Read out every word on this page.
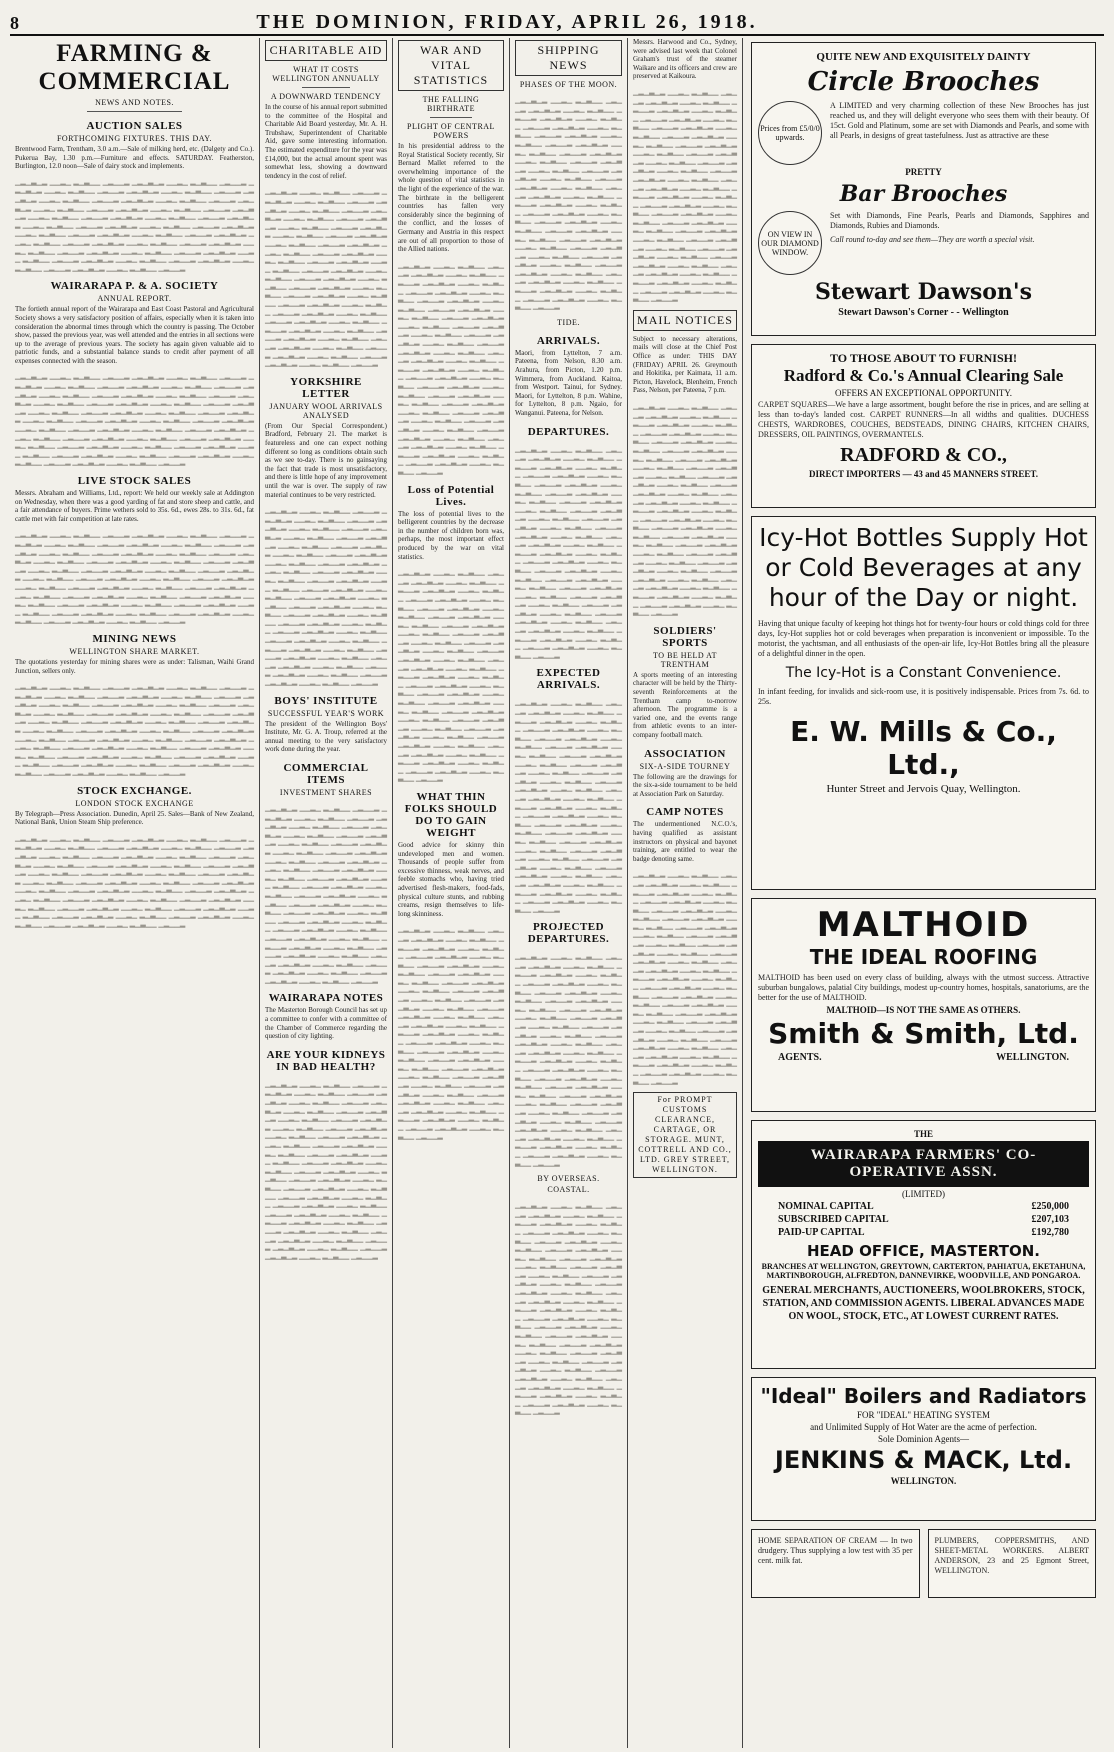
8	THE DOMINION, FRIDAY, APRIL 26, 1918.
FARMING & COMMERCIAL
NEWS AND NOTES.
AUCTION SALES
FORTHCOMING FIXTURES. THIS DAY.

Brentwood Farm, Trentham, 3.0 a.m.—Sale of milking herd, etc. (Dalgety and Co.). Pukerua Bay, 1.30 p.m.—Furniture and effects. SATURDAY. Featherston, Burlington, 12.0 noon—Sale of dairy stock and implements.

▁▂▁▃▁▂ ▁▁▂▁ ▂▁▃▁▁ ▁▂▁▁▂ ▁▂▁▃▁▂ ▁▁▂▁ ▂▁▃▁▁ ▁▂▁▁▂ ▁▂▁▃▁▂ ▁▁▂▁ ▂▁▃▁▁ ▁▂▁▁▂ ▁▂▁▃▁▂ ▁▁▂▁ ▂▁▃▁▁ ▁▂▁▁▂ ▁▂▁▃▁▂ ▁▁▂▁ ▂▁▃▁▁ ▁▂▁▁▂ ▁▂▁▃▁▂ ▁▁▂▁ ▂▁▃▁▁ ▁▂▁▁▂ ▁▂▁▃▁▂ ▁▁▂▁ ▂▁▃▁▁ ▁▂▁▁▂ ▁▂▁▃▁▂ ▁▁▂▁ ▂▁▃▁▁ ▁▂▁▁▂ ▁▂▁▃▁▂ ▁▁▂▁ ▂▁▃▁▁ ▁▂▁▁▂ ▁▂▁▃▁▂ ▁▁▂▁ ▂▁▃▁▁ ▁▂▁▁▂ ▁▂▁▃▁▂ ▁▁▂▁ ▂▁▃▁▁ ▁▂▁▁▂ ▁▂▁▃▁▂ ▁▁▂▁ ▂▁▃▁▁ ▁▂▁▁▂ ▁▂▁▃▁▂ ▁▁▂▁ ▂▁▃▁▁ ▁▂▁▁▂ ▁▂▁▃▁▂ ▁▁▂▁ ▂▁▃▁▁ ▁▂▁▁▂ ▁▂▁▃▁▂ ▁▁▂▁ ▂▁▃▁▁ ▁▂▁▁▂ ▁▂▁▃▁▂ ▁▁▂▁ ▂▁▃▁▁ ▁▂▁▁▂ ▁▂▁▃▁▂ ▁▁▂▁ ▂▁▃▁▁ ▁▂▁▁▂ ▁▂▁▃▁▂ ▁▁▂▁ ▂▁▃▁▁ ▁▂▁▁▂ ▁▂▁▃▁▂ ▁▁▂▁ ▂▁▃▁▁ ▁▂▁▁▂ ▁▂▁▃▁▂ ▁▁▂▁ ▂▁▃▁▁ ▁▂▁▁▂ ▁▂▁▃▁▂ ▁▁▂▁ ▂▁▃▁▁ ▁▂▁▁▂ ▁▂▁▃▁▂ ▁▁▂▁ ▂▁▃▁▁ ▁▂▁▁▂

WAIRARAPA P. & A. SOCIETY
ANNUAL REPORT.

The fortieth annual report of the Wairarapa and East Coast Pastoral and Agricultural Society shows a very satisfactory position of affairs, especially when it is taken into consideration the abnormal times through which the country is passing. The October show, passed the previous year, was well attended and the entries in all sections were up to the average of previous years. The society has again given valuable aid to patriotic funds, and a substantial balance stands to credit after payment of all expenses connected with the season.

▁▂▁▃▁▂ ▁▁▂▁ ▂▁▃▁▁ ▁▂▁▁▂ ▁▂▁▃▁▂ ▁▁▂▁ ▂▁▃▁▁ ▁▂▁▁▂ ▁▂▁▃▁▂ ▁▁▂▁ ▂▁▃▁▁ ▁▂▁▁▂ ▁▂▁▃▁▂ ▁▁▂▁ ▂▁▃▁▁ ▁▂▁▁▂ ▁▂▁▃▁▂ ▁▁▂▁ ▂▁▃▁▁ ▁▂▁▁▂ ▁▂▁▃▁▂ ▁▁▂▁ ▂▁▃▁▁ ▁▂▁▁▂ ▁▂▁▃▁▂ ▁▁▂▁ ▂▁▃▁▁ ▁▂▁▁▂ ▁▂▁▃▁▂ ▁▁▂▁ ▂▁▃▁▁ ▁▂▁▁▂ ▁▂▁▃▁▂ ▁▁▂▁ ▂▁▃▁▁ ▁▂▁▁▂ ▁▂▁▃▁▂ ▁▁▂▁ ▂▁▃▁▁ ▁▂▁▁▂ ▁▂▁▃▁▂ ▁▁▂▁ ▂▁▃▁▁ ▁▂▁▁▂ ▁▂▁▃▁▂ ▁▁▂▁ ▂▁▃▁▁ ▁▂▁▁▂ ▁▂▁▃▁▂ ▁▁▂▁ ▂▁▃▁▁ ▁▂▁▁▂ ▁▂▁▃▁▂ ▁▁▂▁ ▂▁▃▁▁ ▁▂▁▁▂ ▁▂▁▃▁▂ ▁▁▂▁ ▂▁▃▁▁ ▁▂▁▁▂ ▁▂▁▃▁▂ ▁▁▂▁ ▂▁▃▁▁ ▁▂▁▁▂ ▁▂▁▃▁▂ ▁▁▂▁ ▂▁▃▁▁ ▁▂▁▁▂ ▁▂▁▃▁▂ ▁▁▂▁ ▂▁▃▁▁ ▁▂▁▁▂ ▁▂▁▃▁▂ ▁▁▂▁ ▂▁▃▁▁ ▁▂▁▁▂ ▁▂▁▃▁▂ ▁▁▂▁ ▂▁▃▁▁ ▁▂▁▁▂ ▁▂▁▃▁▂ ▁▁▂▁ ▂▁▃▁▁ ▁▂▁▁▂ ▁▂▁▃▁▂ ▁▁▂▁ ▂▁▃▁▁ ▁▂▁▁▂

LIVE STOCK SALES

Messrs. Abraham and Williams, Ltd., report: We held our weekly sale at Addington on Wednesday, when there was a good yarding of fat and store sheep and cattle, and a fair attendance of buyers. Prime wethers sold to 35s. 6d., ewes 28s. to 31s. 6d., fat cattle met with fair competition at late rates.

▁▂▁▃▁▂ ▁▁▂▁ ▂▁▃▁▁ ▁▂▁▁▂ ▁▂▁▃▁▂ ▁▁▂▁ ▂▁▃▁▁ ▁▂▁▁▂ ▁▂▁▃▁▂ ▁▁▂▁ ▂▁▃▁▁ ▁▂▁▁▂ ▁▂▁▃▁▂ ▁▁▂▁ ▂▁▃▁▁ ▁▂▁▁▂ ▁▂▁▃▁▂ ▁▁▂▁ ▂▁▃▁▁ ▁▂▁▁▂ ▁▂▁▃▁▂ ▁▁▂▁ ▂▁▃▁▁ ▁▂▁▁▂ ▁▂▁▃▁▂ ▁▁▂▁ ▂▁▃▁▁ ▁▂▁▁▂ ▁▂▁▃▁▂ ▁▁▂▁ ▂▁▃▁▁ ▁▂▁▁▂ ▁▂▁▃▁▂ ▁▁▂▁ ▂▁▃▁▁ ▁▂▁▁▂ ▁▂▁▃▁▂ ▁▁▂▁ ▂▁▃▁▁ ▁▂▁▁▂ ▁▂▁▃▁▂ ▁▁▂▁ ▂▁▃▁▁ ▁▂▁▁▂ ▁▂▁▃▁▂ ▁▁▂▁ ▂▁▃▁▁ ▁▂▁▁▂ ▁▂▁▃▁▂ ▁▁▂▁ ▂▁▃▁▁ ▁▂▁▁▂ ▁▂▁▃▁▂ ▁▁▂▁ ▂▁▃▁▁ ▁▂▁▁▂ ▁▂▁▃▁▂ ▁▁▂▁ ▂▁▃▁▁ ▁▂▁▁▂ ▁▂▁▃▁▂ ▁▁▂▁ ▂▁▃▁▁ ▁▂▁▁▂ ▁▂▁▃▁▂ ▁▁▂▁ ▂▁▃▁▁ ▁▂▁▁▂ ▁▂▁▃▁▂ ▁▁▂▁ ▂▁▃▁▁ ▁▂▁▁▂ ▁▂▁▃▁▂ ▁▁▂▁ ▂▁▃▁▁ ▁▂▁▁▂ ▁▂▁▃▁▂ ▁▁▂▁ ▂▁▃▁▁ ▁▂▁▁▂ ▁▂▁▃▁▂ ▁▁▂▁ ▂▁▃▁▁ ▁▂▁▁▂ ▁▂▁▃▁▂ ▁▁▂▁ ▂▁▃▁▁ ▁▂▁▁▂

MINING NEWS
WELLINGTON SHARE MARKET.

The quotations yesterday for mining shares were as under: Talisman, Waihi Grand Junction, sellers only.

▁▂▁▃▁▂ ▁▁▂▁ ▂▁▃▁▁ ▁▂▁▁▂ ▁▂▁▃▁▂ ▁▁▂▁ ▂▁▃▁▁ ▁▂▁▁▂ ▁▂▁▃▁▂ ▁▁▂▁ ▂▁▃▁▁ ▁▂▁▁▂ ▁▂▁▃▁▂ ▁▁▂▁ ▂▁▃▁▁ ▁▂▁▁▂ ▁▂▁▃▁▂ ▁▁▂▁ ▂▁▃▁▁ ▁▂▁▁▂ ▁▂▁▃▁▂ ▁▁▂▁ ▂▁▃▁▁ ▁▂▁▁▂ ▁▂▁▃▁▂ ▁▁▂▁ ▂▁▃▁▁ ▁▂▁▁▂ ▁▂▁▃▁▂ ▁▁▂▁ ▂▁▃▁▁ ▁▂▁▁▂ ▁▂▁▃▁▂ ▁▁▂▁ ▂▁▃▁▁ ▁▂▁▁▂ ▁▂▁▃▁▂ ▁▁▂▁ ▂▁▃▁▁ ▁▂▁▁▂ ▁▂▁▃▁▂ ▁▁▂▁ ▂▁▃▁▁ ▁▂▁▁▂ ▁▂▁▃▁▂ ▁▁▂▁ ▂▁▃▁▁ ▁▂▁▁▂ ▁▂▁▃▁▂ ▁▁▂▁ ▂▁▃▁▁ ▁▂▁▁▂ ▁▂▁▃▁▂ ▁▁▂▁ ▂▁▃▁▁ ▁▂▁▁▂ ▁▂▁▃▁▂ ▁▁▂▁ ▂▁▃▁▁ ▁▂▁▁▂ ▁▂▁▃▁▂ ▁▁▂▁ ▂▁▃▁▁ ▁▂▁▁▂ ▁▂▁▃▁▂ ▁▁▂▁ ▂▁▃▁▁ ▁▂▁▁▂ ▁▂▁▃▁▂ ▁▁▂▁ ▂▁▃▁▁ ▁▂▁▁▂ ▁▂▁▃▁▂ ▁▁▂▁ ▂▁▃▁▁ ▁▂▁▁▂ ▁▂▁▃▁▂ ▁▁▂▁ ▂▁▃▁▁ ▁▂▁▁▂ ▁▂▁▃▁▂ ▁▁▂▁ ▂▁▃▁▁ ▁▂▁▁▂ ▁▂▁▃▁▂ ▁▁▂▁ ▂▁▃▁▁ ▁▂▁▁▂

STOCK EXCHANGE.
LONDON STOCK EXCHANGE

By Telegraph—Press Association. Dunedin, April 25. Sales—Bank of New Zealand, National Bank, Union Steam Ship preference.

▁▂▁▃▁▂ ▁▁▂▁ ▂▁▃▁▁ ▁▂▁▁▂ ▁▂▁▃▁▂ ▁▁▂▁ ▂▁▃▁▁ ▁▂▁▁▂ ▁▂▁▃▁▂ ▁▁▂▁ ▂▁▃▁▁ ▁▂▁▁▂ ▁▂▁▃▁▂ ▁▁▂▁ ▂▁▃▁▁ ▁▂▁▁▂ ▁▂▁▃▁▂ ▁▁▂▁ ▂▁▃▁▁ ▁▂▁▁▂ ▁▂▁▃▁▂ ▁▁▂▁ ▂▁▃▁▁ ▁▂▁▁▂ ▁▂▁▃▁▂ ▁▁▂▁ ▂▁▃▁▁ ▁▂▁▁▂ ▁▂▁▃▁▂ ▁▁▂▁ ▂▁▃▁▁ ▁▂▁▁▂ ▁▂▁▃▁▂ ▁▁▂▁ ▂▁▃▁▁ ▁▂▁▁▂ ▁▂▁▃▁▂ ▁▁▂▁ ▂▁▃▁▁ ▁▂▁▁▂ ▁▂▁▃▁▂ ▁▁▂▁ ▂▁▃▁▁ ▁▂▁▁▂ ▁▂▁▃▁▂ ▁▁▂▁ ▂▁▃▁▁ ▁▂▁▁▂ ▁▂▁▃▁▂ ▁▁▂▁ ▂▁▃▁▁ ▁▂▁▁▂ ▁▂▁▃▁▂ ▁▁▂▁ ▂▁▃▁▁ ▁▂▁▁▂ ▁▂▁▃▁▂ ▁▁▂▁ ▂▁▃▁▁ ▁▂▁▁▂ ▁▂▁▃▁▂ ▁▁▂▁ ▂▁▃▁▁ ▁▂▁▁▂ ▁▂▁▃▁▂ ▁▁▂▁ ▂▁▃▁▁ ▁▂▁▁▂ ▁▂▁▃▁▂ ▁▁▂▁ ▂▁▃▁▁ ▁▂▁▁▂ ▁▂▁▃▁▂ ▁▁▂▁ ▂▁▃▁▁ ▁▂▁▁▂ ▁▂▁▃▁▂ ▁▁▂▁ ▂▁▃▁▁ ▁▂▁▁▂ ▁▂▁▃▁▂ ▁▁▂▁ ▂▁▃▁▁ ▁▂▁▁▂ ▁▂▁▃▁▂ ▁▁▂▁ ▂▁▃▁▁ ▁▂▁▁▂

CHARITABLE AID
WHAT IT COSTS WELLINGTON ANNUALLY
A DOWNWARD TENDENCY

In the course of his annual report submitted to the committee of the Hospital and Charitable Aid Board yesterday, Mr. A. H. Trubshaw, Superintendent of Charitable Aid, gave some interesting information. The estimated expenditure for the year was £14,000, but the actual amount spent was somewhat less, showing a downward tendency in the cost of relief.

▁▂▁▃▁▂ ▁▁▂▁ ▂▁▃▁▁ ▁▂▁▁▂ ▁▂▁▃▁▂ ▁▁▂▁ ▂▁▃▁▁ ▁▂▁▁▂ ▁▂▁▃▁▂ ▁▁▂▁ ▂▁▃▁▁ ▁▂▁▁▂ ▁▂▁▃▁▂ ▁▁▂▁ ▂▁▃▁▁ ▁▂▁▁▂ ▁▂▁▃▁▂ ▁▁▂▁ ▂▁▃▁▁ ▁▂▁▁▂ ▁▂▁▃▁▂ ▁▁▂▁ ▂▁▃▁▁ ▁▂▁▁▂ ▁▂▁▃▁▂ ▁▁▂▁ ▂▁▃▁▁ ▁▂▁▁▂ ▁▂▁▃▁▂ ▁▁▂▁ ▂▁▃▁▁ ▁▂▁▁▂ ▁▂▁▃▁▂ ▁▁▂▁ ▂▁▃▁▁ ▁▂▁▁▂ ▁▂▁▃▁▂ ▁▁▂▁ ▂▁▃▁▁ ▁▂▁▁▂ ▁▂▁▃▁▂ ▁▁▂▁ ▂▁▃▁▁ ▁▂▁▁▂ ▁▂▁▃▁▂ ▁▁▂▁ ▂▁▃▁▁ ▁▂▁▁▂ ▁▂▁▃▁▂ ▁▁▂▁ ▂▁▃▁▁ ▁▂▁▁▂ ▁▂▁▃▁▂ ▁▁▂▁ ▂▁▃▁▁ ▁▂▁▁▂ ▁▂▁▃▁▂ ▁▁▂▁ ▂▁▃▁▁ ▁▂▁▁▂ ▁▂▁▃▁▂ ▁▁▂▁ ▂▁▃▁▁ ▁▂▁▁▂ ▁▂▁▃▁▂ ▁▁▂▁ ▂▁▃▁▁ ▁▂▁▁▂ ▁▂▁▃▁▂ ▁▁▂▁ ▂▁▃▁▁ ▁▂▁▁▂ ▁▂▁▃▁▂ ▁▁▂▁ ▂▁▃▁▁ ▁▂▁▁▂ ▁▂▁▃▁▂ ▁▁▂▁ ▂▁▃▁▁ ▁▂▁▁▂ ▁▂▁▃▁▂ ▁▁▂▁ ▂▁▃▁▁ ▁▂▁▁▂ ▁▂▁▃▁▂ ▁▁▂▁ ▂▁▃▁▁ ▁▂▁▁▂

YORKSHIRE LETTER
JANUARY WOOL ARRIVALS ANALYSED

(From Our Special Correspondent.) Bradford, February 21. The market is featureless and one can expect nothing different so long as conditions obtain such as we see to-day. There is no gainsaying the fact that trade is most unsatisfactory, and there is little hope of any improvement until the war is over. The supply of raw material continues to be very restricted.

▁▂▁▃▁▂ ▁▁▂▁ ▂▁▃▁▁ ▁▂▁▁▂ ▁▂▁▃▁▂ ▁▁▂▁ ▂▁▃▁▁ ▁▂▁▁▂ ▁▂▁▃▁▂ ▁▁▂▁ ▂▁▃▁▁ ▁▂▁▁▂ ▁▂▁▃▁▂ ▁▁▂▁ ▂▁▃▁▁ ▁▂▁▁▂ ▁▂▁▃▁▂ ▁▁▂▁ ▂▁▃▁▁ ▁▂▁▁▂ ▁▂▁▃▁▂ ▁▁▂▁ ▂▁▃▁▁ ▁▂▁▁▂ ▁▂▁▃▁▂ ▁▁▂▁ ▂▁▃▁▁ ▁▂▁▁▂ ▁▂▁▃▁▂ ▁▁▂▁ ▂▁▃▁▁ ▁▂▁▁▂ ▁▂▁▃▁▂ ▁▁▂▁ ▂▁▃▁▁ ▁▂▁▁▂ ▁▂▁▃▁▂ ▁▁▂▁ ▂▁▃▁▁ ▁▂▁▁▂ ▁▂▁▃▁▂ ▁▁▂▁ ▂▁▃▁▁ ▁▂▁▁▂ ▁▂▁▃▁▂ ▁▁▂▁ ▂▁▃▁▁ ▁▂▁▁▂ ▁▂▁▃▁▂ ▁▁▂▁ ▂▁▃▁▁ ▁▂▁▁▂ ▁▂▁▃▁▂ ▁▁▂▁ ▂▁▃▁▁ ▁▂▁▁▂ ▁▂▁▃▁▂ ▁▁▂▁ ▂▁▃▁▁ ▁▂▁▁▂ ▁▂▁▃▁▂ ▁▁▂▁ ▂▁▃▁▁ ▁▂▁▁▂ ▁▂▁▃▁▂ ▁▁▂▁ ▂▁▃▁▁ ▁▂▁▁▂ ▁▂▁▃▁▂ ▁▁▂▁ ▂▁▃▁▁ ▁▂▁▁▂ ▁▂▁▃▁▂ ▁▁▂▁ ▂▁▃▁▁ ▁▂▁▁▂ ▁▂▁▃▁▂ ▁▁▂▁ ▂▁▃▁▁ ▁▂▁▁▂ ▁▂▁▃▁▂ ▁▁▂▁ ▂▁▃▁▁ ▁▂▁▁▂ ▁▂▁▃▁▂ ▁▁▂▁ ▂▁▃▁▁ ▁▂▁▁▂

BOYS' INSTITUTE
SUCCESSFUL YEAR'S WORK

The president of the Wellington Boys' Institute, Mr. G. A. Troup, referred at the annual meeting to the very satisfactory work done during the year.

COMMERCIAL ITEMS
INVESTMENT SHARES

▁▂▁▃▁▂ ▁▁▂▁ ▂▁▃▁▁ ▁▂▁▁▂ ▁▂▁▃▁▂ ▁▁▂▁ ▂▁▃▁▁ ▁▂▁▁▂ ▁▂▁▃▁▂ ▁▁▂▁ ▂▁▃▁▁ ▁▂▁▁▂ ▁▂▁▃▁▂ ▁▁▂▁ ▂▁▃▁▁ ▁▂▁▁▂ ▁▂▁▃▁▂ ▁▁▂▁ ▂▁▃▁▁ ▁▂▁▁▂ ▁▂▁▃▁▂ ▁▁▂▁ ▂▁▃▁▁ ▁▂▁▁▂ ▁▂▁▃▁▂ ▁▁▂▁ ▂▁▃▁▁ ▁▂▁▁▂ ▁▂▁▃▁▂ ▁▁▂▁ ▂▁▃▁▁ ▁▂▁▁▂ ▁▂▁▃▁▂ ▁▁▂▁ ▂▁▃▁▁ ▁▂▁▁▂ ▁▂▁▃▁▂ ▁▁▂▁ ▂▁▃▁▁ ▁▂▁▁▂ ▁▂▁▃▁▂ ▁▁▂▁ ▂▁▃▁▁ ▁▂▁▁▂ ▁▂▁▃▁▂ ▁▁▂▁ ▂▁▃▁▁ ▁▂▁▁▂ ▁▂▁▃▁▂ ▁▁▂▁ ▂▁▃▁▁ ▁▂▁▁▂ ▁▂▁▃▁▂ ▁▁▂▁ ▂▁▃▁▁ ▁▂▁▁▂ ▁▂▁▃▁▂ ▁▁▂▁ ▂▁▃▁▁ ▁▂▁▁▂ ▁▂▁▃▁▂ ▁▁▂▁ ▂▁▃▁▁ ▁▂▁▁▂ ▁▂▁▃▁▂ ▁▁▂▁ ▂▁▃▁▁ ▁▂▁▁▂ ▁▂▁▃▁▂ ▁▁▂▁ ▂▁▃▁▁ ▁▂▁▁▂ ▁▂▁▃▁▂ ▁▁▂▁ ▂▁▃▁▁ ▁▂▁▁▂ ▁▂▁▃▁▂ ▁▁▂▁ ▂▁▃▁▁ ▁▂▁▁▂ ▁▂▁▃▁▂ ▁▁▂▁ ▂▁▃▁▁ ▁▂▁▁▂ ▁▂▁▃▁▂ ▁▁▂▁ ▂▁▃▁▁ ▁▂▁▁▂

WAIRARAPA NOTES

The Masterton Borough Council has set up a committee to confer with a committee of the Chamber of Commerce regarding the question of city lighting.

ARE YOUR KIDNEYS IN BAD HEALTH?

▁▂▁▃▁▂ ▁▁▂▁ ▂▁▃▁▁ ▁▂▁▁▂ ▁▂▁▃▁▂ ▁▁▂▁ ▂▁▃▁▁ ▁▂▁▁▂ ▁▂▁▃▁▂ ▁▁▂▁ ▂▁▃▁▁ ▁▂▁▁▂ ▁▂▁▃▁▂ ▁▁▂▁ ▂▁▃▁▁ ▁▂▁▁▂ ▁▂▁▃▁▂ ▁▁▂▁ ▂▁▃▁▁ ▁▂▁▁▂ ▁▂▁▃▁▂ ▁▁▂▁ ▂▁▃▁▁ ▁▂▁▁▂ ▁▂▁▃▁▂ ▁▁▂▁ ▂▁▃▁▁ ▁▂▁▁▂ ▁▂▁▃▁▂ ▁▁▂▁ ▂▁▃▁▁ ▁▂▁▁▂ ▁▂▁▃▁▂ ▁▁▂▁ ▂▁▃▁▁ ▁▂▁▁▂ ▁▂▁▃▁▂ ▁▁▂▁ ▂▁▃▁▁ ▁▂▁▁▂ ▁▂▁▃▁▂ ▁▁▂▁ ▂▁▃▁▁ ▁▂▁▁▂ ▁▂▁▃▁▂ ▁▁▂▁ ▂▁▃▁▁ ▁▂▁▁▂ ▁▂▁▃▁▂ ▁▁▂▁ ▂▁▃▁▁ ▁▂▁▁▂ ▁▂▁▃▁▂ ▁▁▂▁ ▂▁▃▁▁ ▁▂▁▁▂ ▁▂▁▃▁▂ ▁▁▂▁ ▂▁▃▁▁ ▁▂▁▁▂ ▁▂▁▃▁▂ ▁▁▂▁ ▂▁▃▁▁ ▁▂▁▁▂ ▁▂▁▃▁▂ ▁▁▂▁ ▂▁▃▁▁ ▁▂▁▁▂ ▁▂▁▃▁▂ ▁▁▂▁ ▂▁▃▁▁ ▁▂▁▁▂ ▁▂▁▃▁▂ ▁▁▂▁ ▂▁▃▁▁ ▁▂▁▁▂ ▁▂▁▃▁▂ ▁▁▂▁ ▂▁▃▁▁ ▁▂▁▁▂ ▁▂▁▃▁▂ ▁▁▂▁ ▂▁▃▁▁ ▁▂▁▁▂ ▁▂▁▃▁▂ ▁▁▂▁ ▂▁▃▁▁ ▁▂▁▁▂

WAR AND VITAL STATISTICS
THE FALLING BIRTHRATE
PLIGHT OF CENTRAL POWERS

In his presidential address to the Royal Statistical Society recently, Sir Bernard Mallet referred to the overwhelming importance of the whole question of vital statistics in the light of the experience of the war. The birthrate in the belligerent countries has fallen very considerably since the beginning of the conflict, and the losses of Germany and Austria in this respect are out of all proportion to those of the Allied nations.

▁▂▁▃▁▂ ▁▁▂▁ ▂▁▃▁▁ ▁▂▁▁▂ ▁▂▁▃▁▂ ▁▁▂▁ ▂▁▃▁▁ ▁▂▁▁▂ ▁▂▁▃▁▂ ▁▁▂▁ ▂▁▃▁▁ ▁▂▁▁▂ ▁▂▁▃▁▂ ▁▁▂▁ ▂▁▃▁▁ ▁▂▁▁▂ ▁▂▁▃▁▂ ▁▁▂▁ ▂▁▃▁▁ ▁▂▁▁▂ ▁▂▁▃▁▂ ▁▁▂▁ ▂▁▃▁▁ ▁▂▁▁▂ ▁▂▁▃▁▂ ▁▁▂▁ ▂▁▃▁▁ ▁▂▁▁▂ ▁▂▁▃▁▂ ▁▁▂▁ ▂▁▃▁▁ ▁▂▁▁▂ ▁▂▁▃▁▂ ▁▁▂▁ ▂▁▃▁▁ ▁▂▁▁▂ ▁▂▁▃▁▂ ▁▁▂▁ ▂▁▃▁▁ ▁▂▁▁▂ ▁▂▁▃▁▂ ▁▁▂▁ ▂▁▃▁▁ ▁▂▁▁▂ ▁▂▁▃▁▂ ▁▁▂▁ ▂▁▃▁▁ ▁▂▁▁▂ ▁▂▁▃▁▂ ▁▁▂▁ ▂▁▃▁▁ ▁▂▁▁▂ ▁▂▁▃▁▂ ▁▁▂▁ ▂▁▃▁▁ ▁▂▁▁▂ ▁▂▁▃▁▂ ▁▁▂▁ ▂▁▃▁▁ ▁▂▁▁▂ ▁▂▁▃▁▂ ▁▁▂▁ ▂▁▃▁▁ ▁▂▁▁▂ ▁▂▁▃▁▂ ▁▁▂▁ ▂▁▃▁▁ ▁▂▁▁▂ ▁▂▁▃▁▂ ▁▁▂▁ ▂▁▃▁▁ ▁▂▁▁▂ ▁▂▁▃▁▂ ▁▁▂▁ ▂▁▃▁▁ ▁▂▁▁▂ ▁▂▁▃▁▂ ▁▁▂▁ ▂▁▃▁▁ ▁▂▁▁▂ ▁▂▁▃▁▂ ▁▁▂▁ ▂▁▃▁▁ ▁▂▁▁▂ ▁▂▁▃▁▂ ▁▁▂▁ ▂▁▃▁▁ ▁▂▁▁▂

Loss of Potential Lives.

The loss of potential lives to the belligerent countries by the decrease in the number of children born was, perhaps, the most important effect produced by the war on vital statistics.

▁▂▁▃▁▂ ▁▁▂▁ ▂▁▃▁▁ ▁▂▁▁▂ ▁▂▁▃▁▂ ▁▁▂▁ ▂▁▃▁▁ ▁▂▁▁▂ ▁▂▁▃▁▂ ▁▁▂▁ ▂▁▃▁▁ ▁▂▁▁▂ ▁▂▁▃▁▂ ▁▁▂▁ ▂▁▃▁▁ ▁▂▁▁▂ ▁▂▁▃▁▂ ▁▁▂▁ ▂▁▃▁▁ ▁▂▁▁▂ ▁▂▁▃▁▂ ▁▁▂▁ ▂▁▃▁▁ ▁▂▁▁▂ ▁▂▁▃▁▂ ▁▁▂▁ ▂▁▃▁▁ ▁▂▁▁▂ ▁▂▁▃▁▂ ▁▁▂▁ ▂▁▃▁▁ ▁▂▁▁▂ ▁▂▁▃▁▂ ▁▁▂▁ ▂▁▃▁▁ ▁▂▁▁▂ ▁▂▁▃▁▂ ▁▁▂▁ ▂▁▃▁▁ ▁▂▁▁▂ ▁▂▁▃▁▂ ▁▁▂▁ ▂▁▃▁▁ ▁▂▁▁▂ ▁▂▁▃▁▂ ▁▁▂▁ ▂▁▃▁▁ ▁▂▁▁▂ ▁▂▁▃▁▂ ▁▁▂▁ ▂▁▃▁▁ ▁▂▁▁▂ ▁▂▁▃▁▂ ▁▁▂▁ ▂▁▃▁▁ ▁▂▁▁▂ ▁▂▁▃▁▂ ▁▁▂▁ ▂▁▃▁▁ ▁▂▁▁▂ ▁▂▁▃▁▂ ▁▁▂▁ ▂▁▃▁▁ ▁▂▁▁▂ ▁▂▁▃▁▂ ▁▁▂▁ ▂▁▃▁▁ ▁▂▁▁▂ ▁▂▁▃▁▂ ▁▁▂▁ ▂▁▃▁▁ ▁▂▁▁▂ ▁▂▁▃▁▂ ▁▁▂▁ ▂▁▃▁▁ ▁▂▁▁▂ ▁▂▁▃▁▂ ▁▁▂▁ ▂▁▃▁▁ ▁▂▁▁▂ ▁▂▁▃▁▂ ▁▁▂▁ ▂▁▃▁▁ ▁▂▁▁▂ ▁▂▁▃▁▂ ▁▁▂▁ ▂▁▃▁▁ ▁▂▁▁▂

WHAT THIN FOLKS SHOULD DO TO GAIN WEIGHT

Good advice for skinny thin undeveloped men and women. Thousands of people suffer from excessive thinness, weak nerves, and feeble stomachs who, having tried advertised flesh-makers, food-fads, physical culture stunts, and rubbing creams, resign themselves to life-long skinniness.

▁▂▁▃▁▂ ▁▁▂▁ ▂▁▃▁▁ ▁▂▁▁▂ ▁▂▁▃▁▂ ▁▁▂▁ ▂▁▃▁▁ ▁▂▁▁▂ ▁▂▁▃▁▂ ▁▁▂▁ ▂▁▃▁▁ ▁▂▁▁▂ ▁▂▁▃▁▂ ▁▁▂▁ ▂▁▃▁▁ ▁▂▁▁▂ ▁▂▁▃▁▂ ▁▁▂▁ ▂▁▃▁▁ ▁▂▁▁▂ ▁▂▁▃▁▂ ▁▁▂▁ ▂▁▃▁▁ ▁▂▁▁▂ ▁▂▁▃▁▂ ▁▁▂▁ ▂▁▃▁▁ ▁▂▁▁▂ ▁▂▁▃▁▂ ▁▁▂▁ ▂▁▃▁▁ ▁▂▁▁▂ ▁▂▁▃▁▂ ▁▁▂▁ ▂▁▃▁▁ ▁▂▁▁▂ ▁▂▁▃▁▂ ▁▁▂▁ ▂▁▃▁▁ ▁▂▁▁▂ ▁▂▁▃▁▂ ▁▁▂▁ ▂▁▃▁▁ ▁▂▁▁▂ ▁▂▁▃▁▂ ▁▁▂▁ ▂▁▃▁▁ ▁▂▁▁▂ ▁▂▁▃▁▂ ▁▁▂▁ ▂▁▃▁▁ ▁▂▁▁▂ ▁▂▁▃▁▂ ▁▁▂▁ ▂▁▃▁▁ ▁▂▁▁▂ ▁▂▁▃▁▂ ▁▁▂▁ ▂▁▃▁▁ ▁▂▁▁▂ ▁▂▁▃▁▂ ▁▁▂▁ ▂▁▃▁▁ ▁▂▁▁▂ ▁▂▁▃▁▂ ▁▁▂▁ ▂▁▃▁▁ ▁▂▁▁▂ ▁▂▁▃▁▂ ▁▁▂▁ ▂▁▃▁▁ ▁▂▁▁▂ ▁▂▁▃▁▂ ▁▁▂▁ ▂▁▃▁▁ ▁▂▁▁▂ ▁▂▁▃▁▂ ▁▁▂▁ ▂▁▃▁▁ ▁▂▁▁▂ ▁▂▁▃▁▂ ▁▁▂▁ ▂▁▃▁▁ ▁▂▁▁▂ ▁▂▁▃▁▂ ▁▁▂▁ ▂▁▃▁▁ ▁▂▁▁▂

SHIPPING NEWS
PHASES OF THE MOON.

▁▂▁▃▁▂ ▁▁▂▁ ▂▁▃▁▁ ▁▂▁▁▂ ▁▂▁▃▁▂ ▁▁▂▁ ▂▁▃▁▁ ▁▂▁▁▂ ▁▂▁▃▁▂ ▁▁▂▁ ▂▁▃▁▁ ▁▂▁▁▂ ▁▂▁▃▁▂ ▁▁▂▁ ▂▁▃▁▁ ▁▂▁▁▂ ▁▂▁▃▁▂ ▁▁▂▁ ▂▁▃▁▁ ▁▂▁▁▂ ▁▂▁▃▁▂ ▁▁▂▁ ▂▁▃▁▁ ▁▂▁▁▂ ▁▂▁▃▁▂ ▁▁▂▁ ▂▁▃▁▁ ▁▂▁▁▂ ▁▂▁▃▁▂ ▁▁▂▁ ▂▁▃▁▁ ▁▂▁▁▂ ▁▂▁▃▁▂ ▁▁▂▁ ▂▁▃▁▁ ▁▂▁▁▂ ▁▂▁▃▁▂ ▁▁▂▁ ▂▁▃▁▁ ▁▂▁▁▂ ▁▂▁▃▁▂ ▁▁▂▁ ▂▁▃▁▁ ▁▂▁▁▂ ▁▂▁▃▁▂ ▁▁▂▁ ▂▁▃▁▁ ▁▂▁▁▂ ▁▂▁▃▁▂ ▁▁▂▁ ▂▁▃▁▁ ▁▂▁▁▂ ▁▂▁▃▁▂ ▁▁▂▁ ▂▁▃▁▁ ▁▂▁▁▂ ▁▂▁▃▁▂ ▁▁▂▁ ▂▁▃▁▁ ▁▂▁▁▂ ▁▂▁▃▁▂ ▁▁▂▁ ▂▁▃▁▁ ▁▂▁▁▂ ▁▂▁▃▁▂ ▁▁▂▁ ▂▁▃▁▁ ▁▂▁▁▂ ▁▂▁▃▁▂ ▁▁▂▁ ▂▁▃▁▁ ▁▂▁▁▂ ▁▂▁▃▁▂ ▁▁▂▁ ▂▁▃▁▁ ▁▂▁▁▂ ▁▂▁▃▁▂ ▁▁▂▁ ▂▁▃▁▁ ▁▂▁▁▂ ▁▂▁▃▁▂ ▁▁▂▁ ▂▁▃▁▁ ▁▂▁▁▂ ▁▂▁▃▁▂ ▁▁▂▁ ▂▁▃▁▁ ▁▂▁▁▂

TIDE.
ARRIVALS.

Maori, from Lyttelton, 7 a.m. Pateena, from Nelson, 8.30 a.m. Arahura, from Picton, 1.20 p.m. Wimmera, from Auckland. Kaitoa, from Westport. Tainui, for Sydney. Maori, for Lyttelton, 8 p.m. Wahine, for Lyttelton, 8 p.m. Ngaio, for Wanganui. Pateena, for Nelson.

DEPARTURES.

▁▂▁▃▁▂ ▁▁▂▁ ▂▁▃▁▁ ▁▂▁▁▂ ▁▂▁▃▁▂ ▁▁▂▁ ▂▁▃▁▁ ▁▂▁▁▂ ▁▂▁▃▁▂ ▁▁▂▁ ▂▁▃▁▁ ▁▂▁▁▂ ▁▂▁▃▁▂ ▁▁▂▁ ▂▁▃▁▁ ▁▂▁▁▂ ▁▂▁▃▁▂ ▁▁▂▁ ▂▁▃▁▁ ▁▂▁▁▂ ▁▂▁▃▁▂ ▁▁▂▁ ▂▁▃▁▁ ▁▂▁▁▂ ▁▂▁▃▁▂ ▁▁▂▁ ▂▁▃▁▁ ▁▂▁▁▂ ▁▂▁▃▁▂ ▁▁▂▁ ▂▁▃▁▁ ▁▂▁▁▂ ▁▂▁▃▁▂ ▁▁▂▁ ▂▁▃▁▁ ▁▂▁▁▂ ▁▂▁▃▁▂ ▁▁▂▁ ▂▁▃▁▁ ▁▂▁▁▂ ▁▂▁▃▁▂ ▁▁▂▁ ▂▁▃▁▁ ▁▂▁▁▂ ▁▂▁▃▁▂ ▁▁▂▁ ▂▁▃▁▁ ▁▂▁▁▂ ▁▂▁▃▁▂ ▁▁▂▁ ▂▁▃▁▁ ▁▂▁▁▂ ▁▂▁▃▁▂ ▁▁▂▁ ▂▁▃▁▁ ▁▂▁▁▂ ▁▂▁▃▁▂ ▁▁▂▁ ▂▁▃▁▁ ▁▂▁▁▂ ▁▂▁▃▁▂ ▁▁▂▁ ▂▁▃▁▁ ▁▂▁▁▂ ▁▂▁▃▁▂ ▁▁▂▁ ▂▁▃▁▁ ▁▂▁▁▂ ▁▂▁▃▁▂ ▁▁▂▁ ▂▁▃▁▁ ▁▂▁▁▂ ▁▂▁▃▁▂ ▁▁▂▁ ▂▁▃▁▁ ▁▂▁▁▂ ▁▂▁▃▁▂ ▁▁▂▁ ▂▁▃▁▁ ▁▂▁▁▂ ▁▂▁▃▁▂ ▁▁▂▁ ▂▁▃▁▁ ▁▂▁▁▂ ▁▂▁▃▁▂ ▁▁▂▁ ▂▁▃▁▁ ▁▂▁▁▂

EXPECTED ARRIVALS.

▁▂▁▃▁▂ ▁▁▂▁ ▂▁▃▁▁ ▁▂▁▁▂ ▁▂▁▃▁▂ ▁▁▂▁ ▂▁▃▁▁ ▁▂▁▁▂ ▁▂▁▃▁▂ ▁▁▂▁ ▂▁▃▁▁ ▁▂▁▁▂ ▁▂▁▃▁▂ ▁▁▂▁ ▂▁▃▁▁ ▁▂▁▁▂ ▁▂▁▃▁▂ ▁▁▂▁ ▂▁▃▁▁ ▁▂▁▁▂ ▁▂▁▃▁▂ ▁▁▂▁ ▂▁▃▁▁ ▁▂▁▁▂ ▁▂▁▃▁▂ ▁▁▂▁ ▂▁▃▁▁ ▁▂▁▁▂ ▁▂▁▃▁▂ ▁▁▂▁ ▂▁▃▁▁ ▁▂▁▁▂ ▁▂▁▃▁▂ ▁▁▂▁ ▂▁▃▁▁ ▁▂▁▁▂ ▁▂▁▃▁▂ ▁▁▂▁ ▂▁▃▁▁ ▁▂▁▁▂ ▁▂▁▃▁▂ ▁▁▂▁ ▂▁▃▁▁ ▁▂▁▁▂ ▁▂▁▃▁▂ ▁▁▂▁ ▂▁▃▁▁ ▁▂▁▁▂ ▁▂▁▃▁▂ ▁▁▂▁ ▂▁▃▁▁ ▁▂▁▁▂ ▁▂▁▃▁▂ ▁▁▂▁ ▂▁▃▁▁ ▁▂▁▁▂ ▁▂▁▃▁▂ ▁▁▂▁ ▂▁▃▁▁ ▁▂▁▁▂ ▁▂▁▃▁▂ ▁▁▂▁ ▂▁▃▁▁ ▁▂▁▁▂ ▁▂▁▃▁▂ ▁▁▂▁ ▂▁▃▁▁ ▁▂▁▁▂ ▁▂▁▃▁▂ ▁▁▂▁ ▂▁▃▁▁ ▁▂▁▁▂ ▁▂▁▃▁▂ ▁▁▂▁ ▂▁▃▁▁ ▁▂▁▁▂ ▁▂▁▃▁▂ ▁▁▂▁ ▂▁▃▁▁ ▁▂▁▁▂ ▁▂▁▃▁▂ ▁▁▂▁ ▂▁▃▁▁ ▁▂▁▁▂ ▁▂▁▃▁▂ ▁▁▂▁ ▂▁▃▁▁ ▁▂▁▁▂

PROJECTED DEPARTURES.

▁▂▁▃▁▂ ▁▁▂▁ ▂▁▃▁▁ ▁▂▁▁▂ ▁▂▁▃▁▂ ▁▁▂▁ ▂▁▃▁▁ ▁▂▁▁▂ ▁▂▁▃▁▂ ▁▁▂▁ ▂▁▃▁▁ ▁▂▁▁▂ ▁▂▁▃▁▂ ▁▁▂▁ ▂▁▃▁▁ ▁▂▁▁▂ ▁▂▁▃▁▂ ▁▁▂▁ ▂▁▃▁▁ ▁▂▁▁▂ ▁▂▁▃▁▂ ▁▁▂▁ ▂▁▃▁▁ ▁▂▁▁▂ ▁▂▁▃▁▂ ▁▁▂▁ ▂▁▃▁▁ ▁▂▁▁▂ ▁▂▁▃▁▂ ▁▁▂▁ ▂▁▃▁▁ ▁▂▁▁▂ ▁▂▁▃▁▂ ▁▁▂▁ ▂▁▃▁▁ ▁▂▁▁▂ ▁▂▁▃▁▂ ▁▁▂▁ ▂▁▃▁▁ ▁▂▁▁▂ ▁▂▁▃▁▂ ▁▁▂▁ ▂▁▃▁▁ ▁▂▁▁▂ ▁▂▁▃▁▂ ▁▁▂▁ ▂▁▃▁▁ ▁▂▁▁▂ ▁▂▁▃▁▂ ▁▁▂▁ ▂▁▃▁▁ ▁▂▁▁▂ ▁▂▁▃▁▂ ▁▁▂▁ ▂▁▃▁▁ ▁▂▁▁▂ ▁▂▁▃▁▂ ▁▁▂▁ ▂▁▃▁▁ ▁▂▁▁▂ ▁▂▁▃▁▂ ▁▁▂▁ ▂▁▃▁▁ ▁▂▁▁▂ ▁▂▁▃▁▂ ▁▁▂▁ ▂▁▃▁▁ ▁▂▁▁▂ ▁▂▁▃▁▂ ▁▁▂▁ ▂▁▃▁▁ ▁▂▁▁▂ ▁▂▁▃▁▂ ▁▁▂▁ ▂▁▃▁▁ ▁▂▁▁▂ ▁▂▁▃▁▂ ▁▁▂▁ ▂▁▃▁▁ ▁▂▁▁▂ ▁▂▁▃▁▂ ▁▁▂▁ ▂▁▃▁▁ ▁▂▁▁▂ ▁▂▁▃▁▂ ▁▁▂▁ ▂▁▃▁▁ ▁▂▁▁▂

BY OVERSEAS.
COASTAL.

▁▂▁▃▁▂ ▁▁▂▁ ▂▁▃▁▁ ▁▂▁▁▂ ▁▂▁▃▁▂ ▁▁▂▁ ▂▁▃▁▁ ▁▂▁▁▂ ▁▂▁▃▁▂ ▁▁▂▁ ▂▁▃▁▁ ▁▂▁▁▂ ▁▂▁▃▁▂ ▁▁▂▁ ▂▁▃▁▁ ▁▂▁▁▂ ▁▂▁▃▁▂ ▁▁▂▁ ▂▁▃▁▁ ▁▂▁▁▂ ▁▂▁▃▁▂ ▁▁▂▁ ▂▁▃▁▁ ▁▂▁▁▂ ▁▂▁▃▁▂ ▁▁▂▁ ▂▁▃▁▁ ▁▂▁▁▂ ▁▂▁▃▁▂ ▁▁▂▁ ▂▁▃▁▁ ▁▂▁▁▂ ▁▂▁▃▁▂ ▁▁▂▁ ▂▁▃▁▁ ▁▂▁▁▂ ▁▂▁▃▁▂ ▁▁▂▁ ▂▁▃▁▁ ▁▂▁▁▂ ▁▂▁▃▁▂ ▁▁▂▁ ▂▁▃▁▁ ▁▂▁▁▂ ▁▂▁▃▁▂ ▁▁▂▁ ▂▁▃▁▁ ▁▂▁▁▂ ▁▂▁▃▁▂ ▁▁▂▁ ▂▁▃▁▁ ▁▂▁▁▂ ▁▂▁▃▁▂ ▁▁▂▁ ▂▁▃▁▁ ▁▂▁▁▂ ▁▂▁▃▁▂ ▁▁▂▁ ▂▁▃▁▁ ▁▂▁▁▂ ▁▂▁▃▁▂ ▁▁▂▁ ▂▁▃▁▁ ▁▂▁▁▂ ▁▂▁▃▁▂ ▁▁▂▁ ▂▁▃▁▁ ▁▂▁▁▂ ▁▂▁▃▁▂ ▁▁▂▁ ▂▁▃▁▁ ▁▂▁▁▂ ▁▂▁▃▁▂ ▁▁▂▁ ▂▁▃▁▁ ▁▂▁▁▂ ▁▂▁▃▁▂ ▁▁▂▁ ▂▁▃▁▁ ▁▂▁▁▂ ▁▂▁▃▁▂ ▁▁▂▁ ▂▁▃▁▁ ▁▂▁▁▂ ▁▂▁▃▁▂ ▁▁▂▁ ▂▁▃▁▁ ▁▂▁▁▂

Messrs. Harwood and Co., Sydney, were advised last week that Colonel Graham's trust of the steamer Waikare and its officers and crew are preserved at Kaikoura.

▁▂▁▃▁▂ ▁▁▂▁ ▂▁▃▁▁ ▁▂▁▁▂ ▁▂▁▃▁▂ ▁▁▂▁ ▂▁▃▁▁ ▁▂▁▁▂ ▁▂▁▃▁▂ ▁▁▂▁ ▂▁▃▁▁ ▁▂▁▁▂ ▁▂▁▃▁▂ ▁▁▂▁ ▂▁▃▁▁ ▁▂▁▁▂ ▁▂▁▃▁▂ ▁▁▂▁ ▂▁▃▁▁ ▁▂▁▁▂ ▁▂▁▃▁▂ ▁▁▂▁ ▂▁▃▁▁ ▁▂▁▁▂ ▁▂▁▃▁▂ ▁▁▂▁ ▂▁▃▁▁ ▁▂▁▁▂ ▁▂▁▃▁▂ ▁▁▂▁ ▂▁▃▁▁ ▁▂▁▁▂ ▁▂▁▃▁▂ ▁▁▂▁ ▂▁▃▁▁ ▁▂▁▁▂ ▁▂▁▃▁▂ ▁▁▂▁ ▂▁▃▁▁ ▁▂▁▁▂ ▁▂▁▃▁▂ ▁▁▂▁ ▂▁▃▁▁ ▁▂▁▁▂ ▁▂▁▃▁▂ ▁▁▂▁ ▂▁▃▁▁ ▁▂▁▁▂ ▁▂▁▃▁▂ ▁▁▂▁ ▂▁▃▁▁ ▁▂▁▁▂ ▁▂▁▃▁▂ ▁▁▂▁ ▂▁▃▁▁ ▁▂▁▁▂ ▁▂▁▃▁▂ ▁▁▂▁ ▂▁▃▁▁ ▁▂▁▁▂ ▁▂▁▃▁▂ ▁▁▂▁ ▂▁▃▁▁ ▁▂▁▁▂ ▁▂▁▃▁▂ ▁▁▂▁ ▂▁▃▁▁ ▁▂▁▁▂ ▁▂▁▃▁▂ ▁▁▂▁ ▂▁▃▁▁ ▁▂▁▁▂ ▁▂▁▃▁▂ ▁▁▂▁ ▂▁▃▁▁ ▁▂▁▁▂ ▁▂▁▃▁▂ ▁▁▂▁ ▂▁▃▁▁ ▁▂▁▁▂ ▁▂▁▃▁▂ ▁▁▂▁ ▂▁▃▁▁ ▁▂▁▁▂ ▁▂▁▃▁▂ ▁▁▂▁ ▂▁▃▁▁ ▁▂▁▁▂

MAIL NOTICES

Subject to necessary alterations, mails will close at the Chief Post Office as under: THIS DAY (FRIDAY) APRIL 26. Greymouth and Hokitika, per Kaimata, 11 a.m. Picton, Havelock, Blenheim, French Pass, Nelson, per Pateena, 7 p.m.

▁▂▁▃▁▂ ▁▁▂▁ ▂▁▃▁▁ ▁▂▁▁▂ ▁▂▁▃▁▂ ▁▁▂▁ ▂▁▃▁▁ ▁▂▁▁▂ ▁▂▁▃▁▂ ▁▁▂▁ ▂▁▃▁▁ ▁▂▁▁▂ ▁▂▁▃▁▂ ▁▁▂▁ ▂▁▃▁▁ ▁▂▁▁▂ ▁▂▁▃▁▂ ▁▁▂▁ ▂▁▃▁▁ ▁▂▁▁▂ ▁▂▁▃▁▂ ▁▁▂▁ ▂▁▃▁▁ ▁▂▁▁▂ ▁▂▁▃▁▂ ▁▁▂▁ ▂▁▃▁▁ ▁▂▁▁▂ ▁▂▁▃▁▂ ▁▁▂▁ ▂▁▃▁▁ ▁▂▁▁▂ ▁▂▁▃▁▂ ▁▁▂▁ ▂▁▃▁▁ ▁▂▁▁▂ ▁▂▁▃▁▂ ▁▁▂▁ ▂▁▃▁▁ ▁▂▁▁▂ ▁▂▁▃▁▂ ▁▁▂▁ ▂▁▃▁▁ ▁▂▁▁▂ ▁▂▁▃▁▂ ▁▁▂▁ ▂▁▃▁▁ ▁▂▁▁▂ ▁▂▁▃▁▂ ▁▁▂▁ ▂▁▃▁▁ ▁▂▁▁▂ ▁▂▁▃▁▂ ▁▁▂▁ ▂▁▃▁▁ ▁▂▁▁▂ ▁▂▁▃▁▂ ▁▁▂▁ ▂▁▃▁▁ ▁▂▁▁▂ ▁▂▁▃▁▂ ▁▁▂▁ ▂▁▃▁▁ ▁▂▁▁▂ ▁▂▁▃▁▂ ▁▁▂▁ ▂▁▃▁▁ ▁▂▁▁▂ ▁▂▁▃▁▂ ▁▁▂▁ ▂▁▃▁▁ ▁▂▁▁▂ ▁▂▁▃▁▂ ▁▁▂▁ ▂▁▃▁▁ ▁▂▁▁▂ ▁▂▁▃▁▂ ▁▁▂▁ ▂▁▃▁▁ ▁▂▁▁▂ ▁▂▁▃▁▂ ▁▁▂▁ ▂▁▃▁▁ ▁▂▁▁▂ ▁▂▁▃▁▂ ▁▁▂▁ ▂▁▃▁▁ ▁▂▁▁▂

SOLDIERS' SPORTS
TO BE HELD AT TRENTHAM

A sports meeting of an interesting character will be held by the Thirty-seventh Reinforcements at the Trentham camp to-morrow afternoon. The programme is a varied one, and the events range from athletic events to an inter-company football match.

ASSOCIATION
SIX-A-SIDE TOURNEY

The following are the drawings for the six-a-side tournament to be held at Association Park on Saturday.

CAMP NOTES

The undermentioned N.C.O.'s, having qualified as assistant instructors on physical and bayonet training, are entitled to wear the badge denoting same.

▁▂▁▃▁▂ ▁▁▂▁ ▂▁▃▁▁ ▁▂▁▁▂ ▁▂▁▃▁▂ ▁▁▂▁ ▂▁▃▁▁ ▁▂▁▁▂ ▁▂▁▃▁▂ ▁▁▂▁ ▂▁▃▁▁ ▁▂▁▁▂ ▁▂▁▃▁▂ ▁▁▂▁ ▂▁▃▁▁ ▁▂▁▁▂ ▁▂▁▃▁▂ ▁▁▂▁ ▂▁▃▁▁ ▁▂▁▁▂ ▁▂▁▃▁▂ ▁▁▂▁ ▂▁▃▁▁ ▁▂▁▁▂ ▁▂▁▃▁▂ ▁▁▂▁ ▂▁▃▁▁ ▁▂▁▁▂ ▁▂▁▃▁▂ ▁▁▂▁ ▂▁▃▁▁ ▁▂▁▁▂ ▁▂▁▃▁▂ ▁▁▂▁ ▂▁▃▁▁ ▁▂▁▁▂ ▁▂▁▃▁▂ ▁▁▂▁ ▂▁▃▁▁ ▁▂▁▁▂ ▁▂▁▃▁▂ ▁▁▂▁ ▂▁▃▁▁ ▁▂▁▁▂ ▁▂▁▃▁▂ ▁▁▂▁ ▂▁▃▁▁ ▁▂▁▁▂ ▁▂▁▃▁▂ ▁▁▂▁ ▂▁▃▁▁ ▁▂▁▁▂ ▁▂▁▃▁▂ ▁▁▂▁ ▂▁▃▁▁ ▁▂▁▁▂ ▁▂▁▃▁▂ ▁▁▂▁ ▂▁▃▁▁ ▁▂▁▁▂ ▁▂▁▃▁▂ ▁▁▂▁ ▂▁▃▁▁ ▁▂▁▁▂ ▁▂▁▃▁▂ ▁▁▂▁ ▂▁▃▁▁ ▁▂▁▁▂ ▁▂▁▃▁▂ ▁▁▂▁ ▂▁▃▁▁ ▁▂▁▁▂ ▁▂▁▃▁▂ ▁▁▂▁ ▂▁▃▁▁ ▁▂▁▁▂ ▁▂▁▃▁▂ ▁▁▂▁ ▂▁▃▁▁ ▁▂▁▁▂ ▁▂▁▃▁▂ ▁▁▂▁ ▂▁▃▁▁ ▁▂▁▁▂ ▁▂▁▃▁▂ ▁▁▂▁ ▂▁▃▁▁ ▁▂▁▁▂

For PROMPT CUSTOMS CLEARANCE, CARTAGE, OR STORAGE. MUNT, COTTRELL AND CO., LTD. GREY STREET, WELLINGTON.
QUITE NEW AND EXQUISITELY DAINTY
Circle Brooches
Prices from £5/0/0 upwards.
A LIMITED and very charming collection of these New Brooches has just reached us, and they will delight everyone who sees them with their beauty. Of 15ct. Gold and Platinum, some are set with Diamonds and Pearls, and some with all Pearls, in designs of great tastefulness. Just as attractive are these
PRETTY
Bar Brooches
ON VIEW IN OUR DIAMOND WINDOW.
Set with Diamonds, Fine Pearls, Pearls and Diamonds, Sapphires and Diamonds, Rubies and Diamonds.
Call round to-day and see them—They are worth a special visit.
Stewart Dawson's
Stewart Dawson's Corner - - Wellington
TO THOSE ABOUT TO FURNISH!
Radford & Co.'s Annual Clearing Sale
OFFERS AN EXCEPTIONAL OPPORTUNITY.
CARPET SQUARES—We have a large assortment, bought before the rise in prices, and are selling at less than to-day's landed cost. CARPET RUNNERS—In all widths and qualities. DUCHESS CHESTS, WARDROBES, COUCHES, BEDSTEADS, DINING CHAIRS, KITCHEN CHAIRS, DRESSERS, OIL PAINTINGS, OVERMANTELS.
RADFORD & CO.,
DIRECT IMPORTERS — 43 and 45 MANNERS STREET.
Icy-Hot Bottles Supply Hot or Cold Beverages at any hour of the Day or night.
Having that unique faculty of keeping hot things hot for twenty-four hours or cold things cold for three days, Icy-Hot supplies hot or cold beverages when preparation is inconvenient or impossible. To the motorist, the yachtsman, and all enthusiasts of the open-air life, Icy-Hot Bottles bring all the pleasure of a delightful dinner in the open.
The Icy-Hot is a Constant Convenience.
In infant feeding, for invalids and sick-room use, it is positively indispensable. Prices from 7s. 6d. to 25s.
E. W. Mills & Co., Ltd.,
Hunter Street and Jervois Quay, Wellington.
MALTHOID
THE IDEAL ROOFING
MALTHOID has been used on every class of building, always with the utmost success. Attractive suburban bungalows, palatial City buildings, modest up-country homes, hospitals, sanatoriums, are the better for the use of MALTHOID.
MALTHOID—IS NOT THE SAME AS OTHERS.
Smith & Smith, Ltd.
AGENTS.	WELLINGTON.
THE
WAIRARAPA FARMERS' CO-OPERATIVE ASSN.
(LIMITED)
NOMINAL CAPITAL	£250,000
SUBSCRIBED CAPITAL	£207,103
PAID-UP CAPITAL	£192,780
HEAD OFFICE, MASTERTON.
BRANCHES AT WELLINGTON, GREYTOWN, CARTERTON, PAHIATUA, EKETAHUNA, MARTINBOROUGH, ALFREDTON, DANNEVIRKE, WOODVILLE, AND PONGAROA.
GENERAL MERCHANTS, AUCTIONEERS, WOOLBROKERS, STOCK, STATION, AND COMMISSION AGENTS. LIBERAL ADVANCES MADE ON WOOL, STOCK, ETC., AT LOWEST CURRENT RATES.
"Ideal" Boilers and Radiators
FOR "IDEAL" HEATING SYSTEM
and Unlimited Supply of Hot Water are the acme of perfection.
Sole Dominion Agents—
JENKINS & MACK, Ltd.
WELLINGTON.
HOME SEPARATION OF CREAM — In two drudgery. Thus supplying a low test with 35 per cent. milk fat.
PLUMBERS, COPPERSMITHS, AND SHEET-METAL WORKERS. ALBERT ANDERSON, 23 and 25 Egmont Street, WELLINGTON.
